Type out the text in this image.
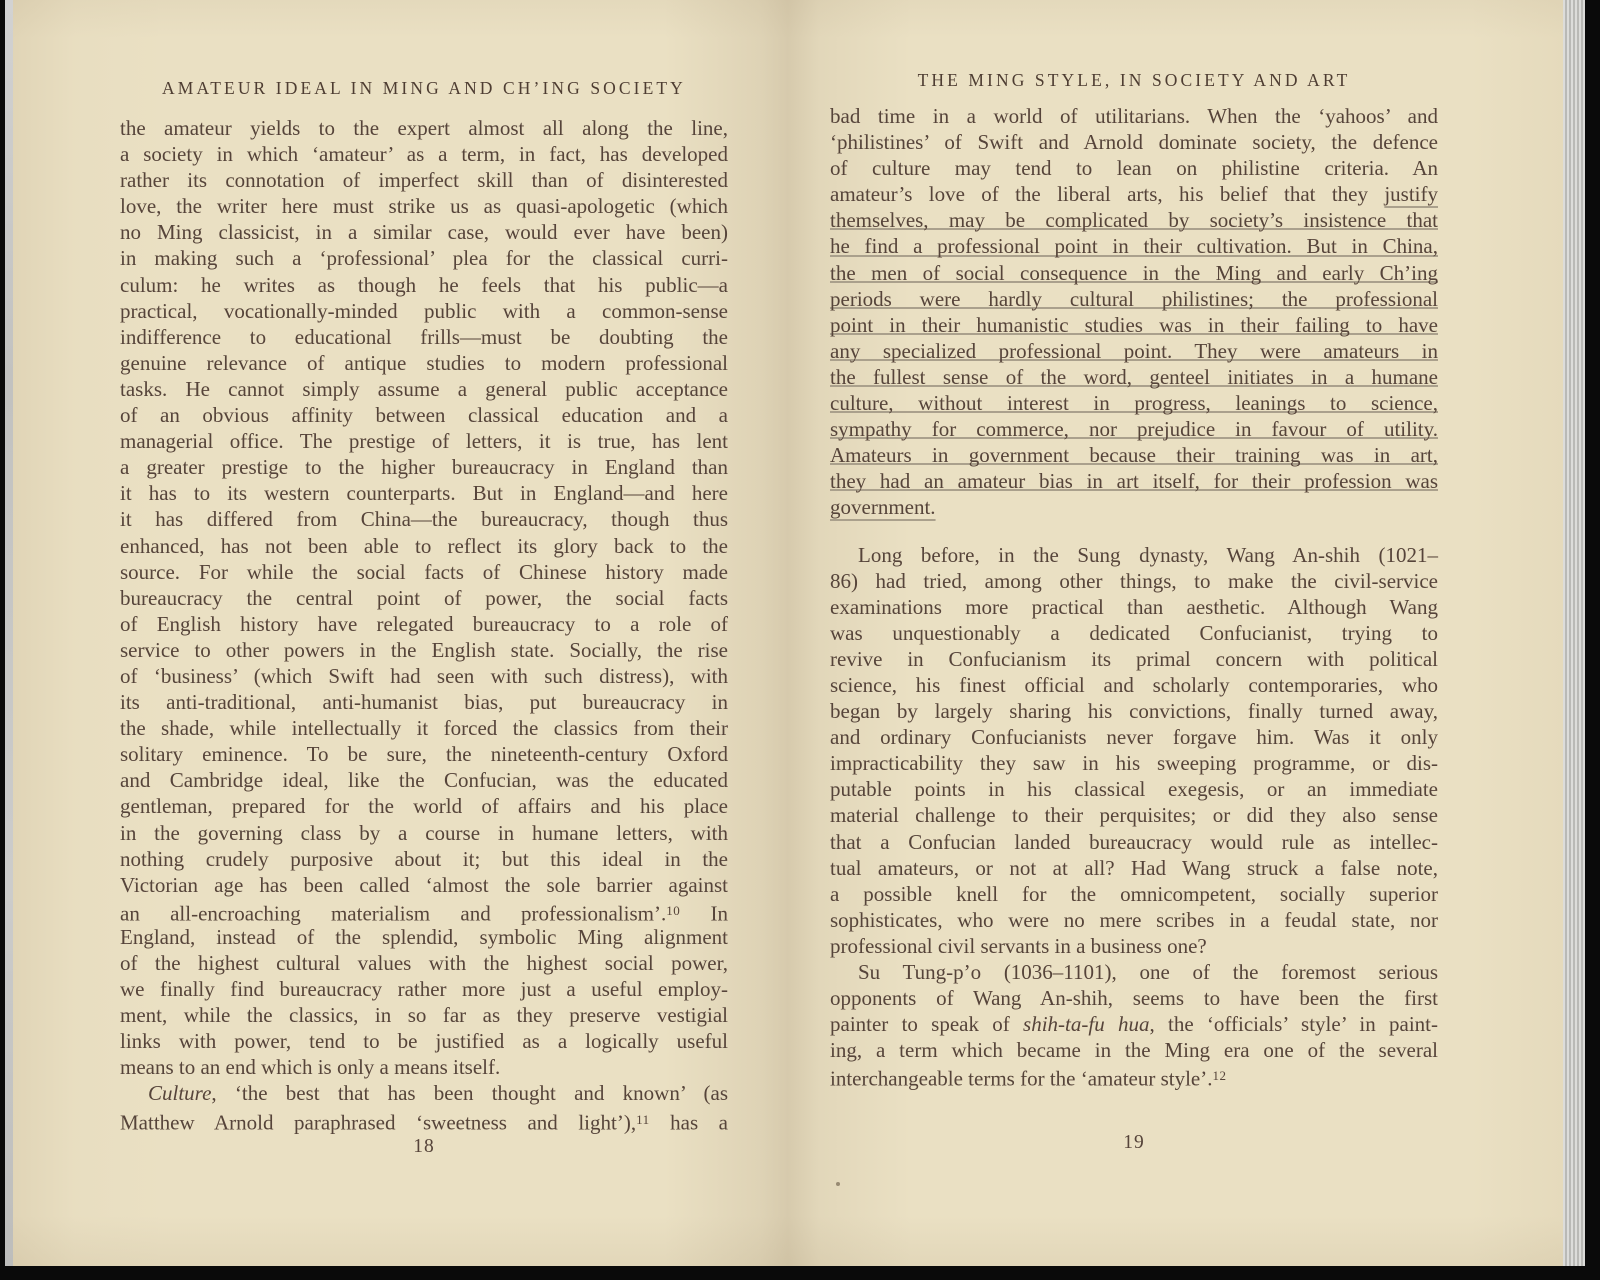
AMATEUR IDEAL IN MING AND CH’ING SOCIETY
the amateur yields to the expert almost all along the line,
a society in which ‘amateur’ as a term, in fact, has developed
rather its connotation of imperfect skill than of disinterested
love, the writer here must strike us as quasi-apologetic (which
no Ming classicist, in a similar case, would ever have been)
in making such a ‘professional’ plea for the classical curri-
culum: he writes as though he feels that his public—a
practical, vocationally-minded public with a common-sense
indifference to educational frills—must be doubting the
genuine relevance of antique studies to modern professional
tasks. He cannot simply assume a general public acceptance
of an obvious affinity between classical education and a
managerial office. The prestige of letters, it is true, has lent
a greater prestige to the higher bureaucracy in England than
it has to its western counterparts. But in England—and here
it has differed from China—the bureaucracy, though thus
enhanced, has not been able to reflect its glory back to the
source. For while the social facts of Chinese history made
bureaucracy the central point of power, the social facts
of English history have relegated bureaucracy to a role of
service to other powers in the English state. Socially, the rise
of ‘business’ (which Swift had seen with such distress), with
its anti-traditional, anti-humanist bias, put bureaucracy in
the shade, while intellectually it forced the classics from their
solitary eminence. To be sure, the nineteenth-century Oxford
and Cambridge ideal, like the Confucian, was the educated
gentleman, prepared for the world of affairs and his place
in the governing class by a course in humane letters, with
nothing crudely purposive about it; but this ideal in the
Victorian age has been called ‘almost the sole barrier against
an all-encroaching materialism and professionalism’.$^{10}$ In
England, instead of the splendid, symbolic Ming alignment
of the highest cultural values with the highest social power,
we finally find bureaucracy rather more just a useful employ-
ment, while the classics, in so far as they preserve vestigial
links with power, tend to be justified as a logically useful
means to an end which is only a means itself.
Culture, ‘the best that has been thought and known’ (as
Matthew Arnold paraphrased ‘sweetness and light’),$^{11}$ has a
THE MING STYLE, IN SOCIETY AND ART
bad time in a world of utilitarians. When the ‘yahoos’ and
‘philistines’ of Swift and Arnold dominate society, the defence
of culture may tend to lean on philistine criteria. An
amateur’s love of the liberal arts, his belief that they justify
themselves, may be complicated by society’s insistence that
he find a professional point in their cultivation. But in China,
the men of social consequence in the Ming and early Ch’ing
periods were hardly cultural philistines; the professional
point in their humanistic studies was in their failing to have
any specialized professional point. They were amateurs in
the fullest sense of the word, genteel initiates in a humane
culture, without interest in progress, leanings to science,
sympathy for commerce, nor prejudice in favour of utility.
Amateurs in government because their training was in art,
they had an amateur bias in art itself, for their profession was
government.
Long before, in the Sung dynasty, Wang An-shih (1021–
86) had tried, among other things, to make the civil-service
examinations more practical than aesthetic. Although Wang
was unquestionably a dedicated Confucianist, trying to
revive in Confucianism its primal concern with political
science, his finest official and scholarly contemporaries, who
began by largely sharing his convictions, finally turned away,
and ordinary Confucianists never forgave him. Was it only
impracticability they saw in his sweeping programme, or dis-
putable points in his classical exegesis, or an immediate
material challenge to their perquisites; or did they also sense
that a Confucian landed bureaucracy would rule as intellec-
tual amateurs, or not at all? Had Wang struck a false note,
a possible knell for the omnicompetent, socially superior
sophisticates, who were no mere scribes in a feudal state, nor
professional civil servants in a business one?
Su Tung-p’o (1036–1101), one of the foremost serious
opponents of Wang An-shih, seems to have been the first
painter to speak of shih-ta-fu hua, the ‘officials’ style’ in paint-
ing, a term which became in the Ming era one of the several
interchangeable terms for the ‘amateur style’.$^{12}$
18	19
